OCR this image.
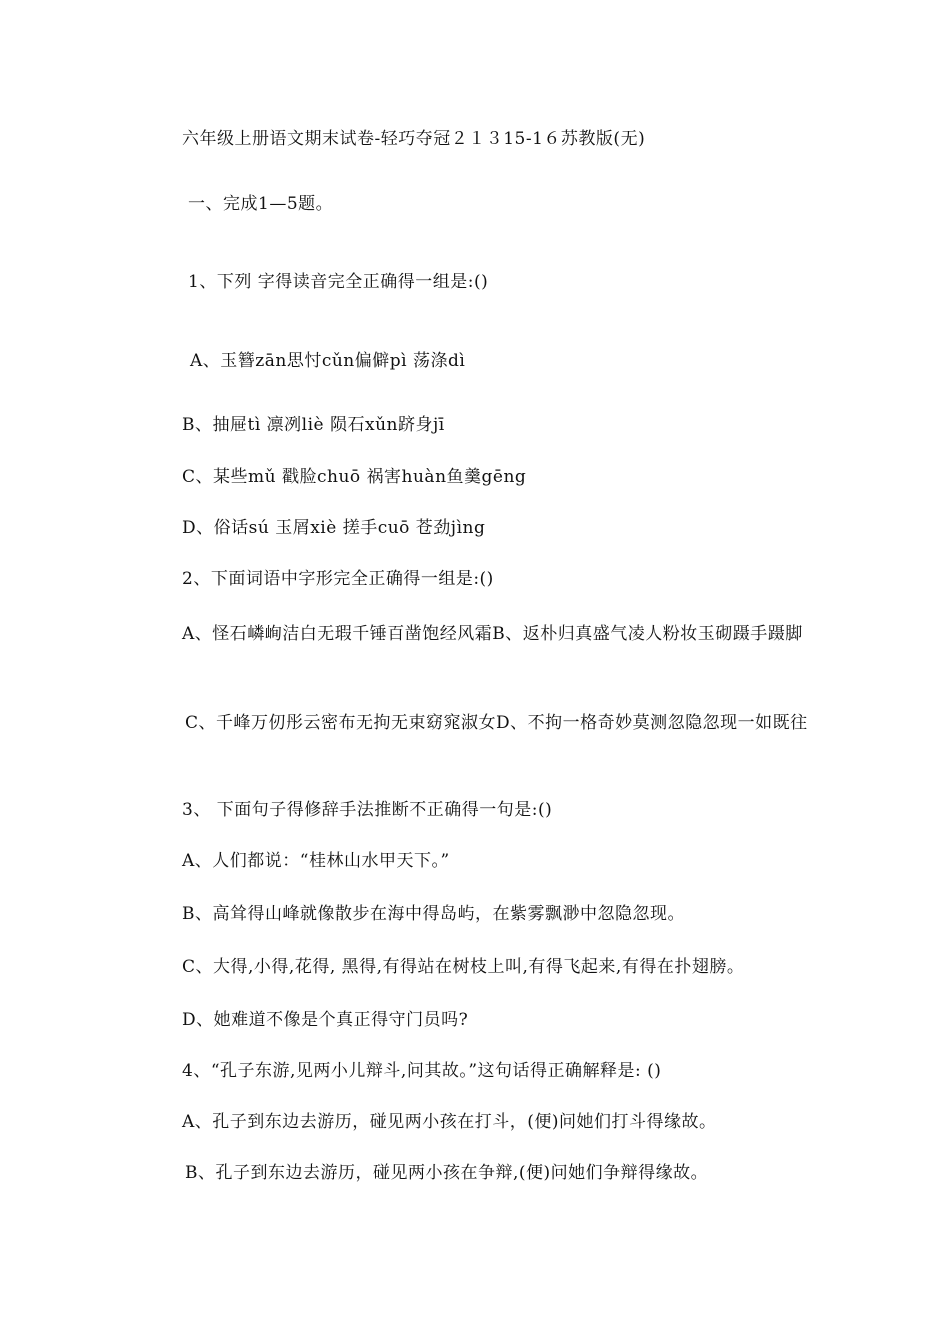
六年级上册语文期末试卷-轻巧夺冠２１３15-1６苏教版(无)
一、完成1—5题。
1、下列 字得读音完全正确得一组是:()
A、玉簪zān思忖cǔn偏僻pì 荡涤dì
B、抽屉tì 凛冽liè 陨石xǔn跻身jī
C、某些mǔ 戳脸chuō 祸害huàn鱼羹gēng
D、俗话sú 玉屑xiè 搓手cuō 苍劲jìng
2、下面词语中字形完全正确得一组是:()
A、怪石嶙峋洁白无瑕千锤百凿饱经风霜B、返朴归真盛气凌人粉妆玉砌蹑手蹑脚
C、千峰万仞彤云密布无拘无束窈窕淑女D、不拘一格奇妙莫测忽隐忽现一如既往
3、 下面句子得修辞手法推断不正确得一句是:()
A、人们都说：“桂林山水甲天下。”
B、高耸得山峰就像散步在海中得岛屿，在紫雾飘渺中忽隐忽现。
C、大得,小得,花得, 黑得,有得站在树枝上叫,有得飞起来,有得在扑翅膀。
D、她难道不像是个真正得守门员吗?
4、“孔子东游,见两小儿辩斗,问其故。”这句话得正确解释是: ()
A、孔子到东边去游历，碰见两小孩在打斗，(便)问她们打斗得缘故。
B、孔子到东边去游历，碰见两小孩在争辩,(便)问她们争辩得缘故。
